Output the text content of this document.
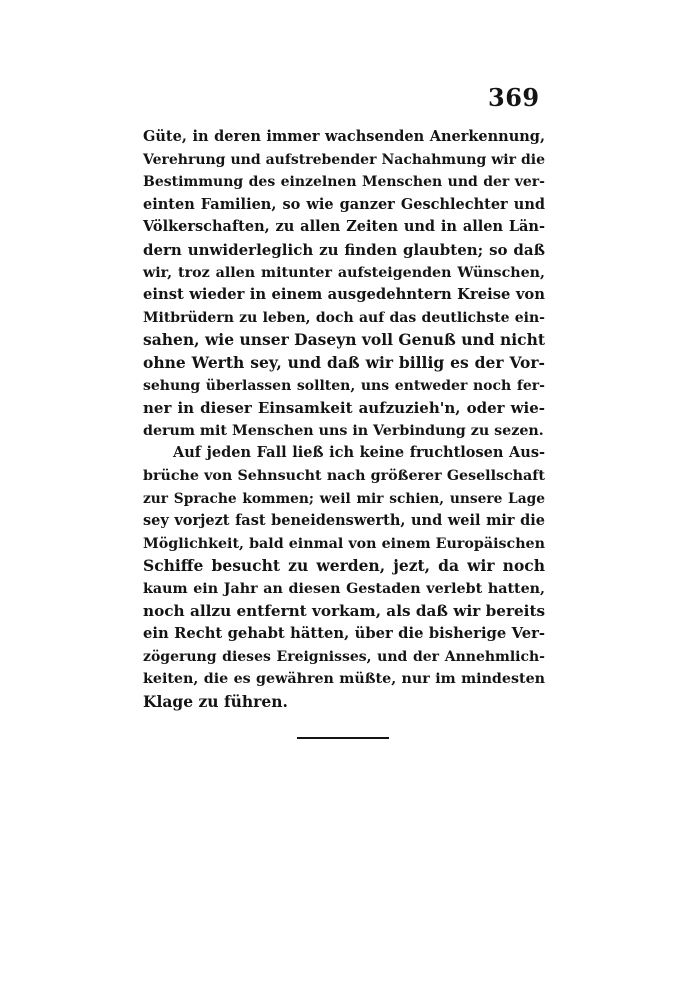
369
Güte, in deren immer wachsenden Anerkennung,
Verehrung und aufstrebender Nachahmung wir die
Bestimmung des einzelnen Menschen und der ver-
einten Familien, so wie ganzer Geschlechter und
Völkerschaften, zu allen Zeiten und in allen Län-
dern unwiderleglich zu finden glaubten; so daß
wir, troz allen mitunter aufsteigenden Wünschen,
einst wieder in einem ausgedehntern Kreise von
Mitbrüdern zu leben, doch auf das deutlichste ein-
sahen, wie unser Daseyn voll Genuß und nicht
ohne Werth sey, und daß wir billig es der Vor-
sehung überlassen sollten, uns entweder noch fer-
ner in dieser Einsamkeit aufzuzieh'n, oder wie-
derum mit Menschen uns in Verbindung zu sezen.
Auf jeden Fall ließ ich keine fruchtlosen Aus-
brüche von Sehnsucht nach größerer Gesellschaft
zur Sprache kommen; weil mir schien, unsere Lage
sey vorjezt fast beneidenswerth, und weil mir die
Möglichkeit, bald einmal von einem Europäischen
Schiffe besucht zu werden, jezt, da wir noch
kaum ein Jahr an diesen Gestaden verlebt hatten,
noch allzu entfernt vorkam, als daß wir bereits
ein Recht gehabt hätten, über die bisherige Ver-
zögerung dieses Ereignisses, und der Annehmlich-
keiten, die es gewähren müßte, nur im mindesten
Klage zu führen.
